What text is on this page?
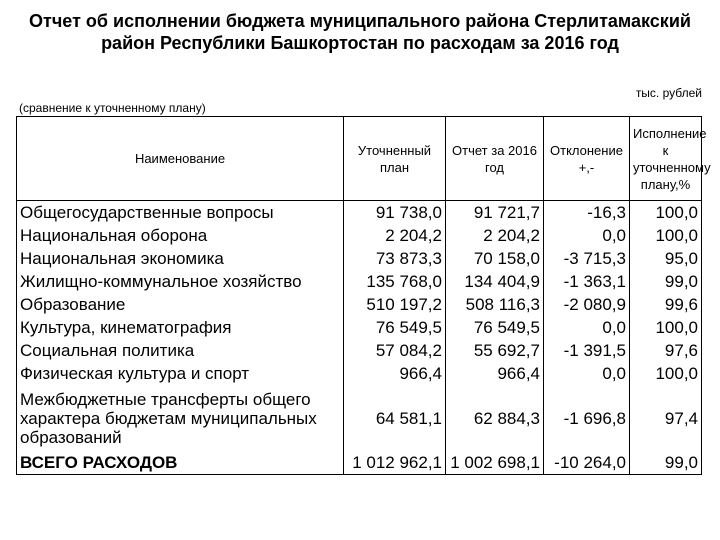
Отчет об исполнении бюджета муниципального района Стерлитамакский
район Республики Башкортостан по расходам за 2016 год
тыс. рублей
(сравнение к уточненному плану)
Наименование	Уточненный план	Отчет за 2016 год	Отклонение +,-	Исполнение к уточненному плану,%
Общегосударственные вопросы	91 738,0	91 721,7	-16,3	100,0
Национальная оборона	2 204,2	2 204,2	0,0	100,0
Национальная экономика	73 873,3	70 158,0	-3 715,3	95,0
Жилищно-коммунальное хозяйство	135 768,0	134 404,9	-1 363,1	99,0
Образование	510 197,2	508 116,3	-2 080,9	99,6
Культура, кинематография	76 549,5	76 549,5	0,0	100,0
Социальная политика	57 084,2	55 692,7	-1 391,5	97,6
Физическая культура и спорт	966,4	966,4	0,0	100,0
Межбюджетные трансферты общего характера бюджетам муниципальных образований	64 581,1	62 884,3	-1 696,8	97,4
ВСЕГО РАСХОДОВ	1 012 962,1	1 002 698,1	-10 264,0	99,0
